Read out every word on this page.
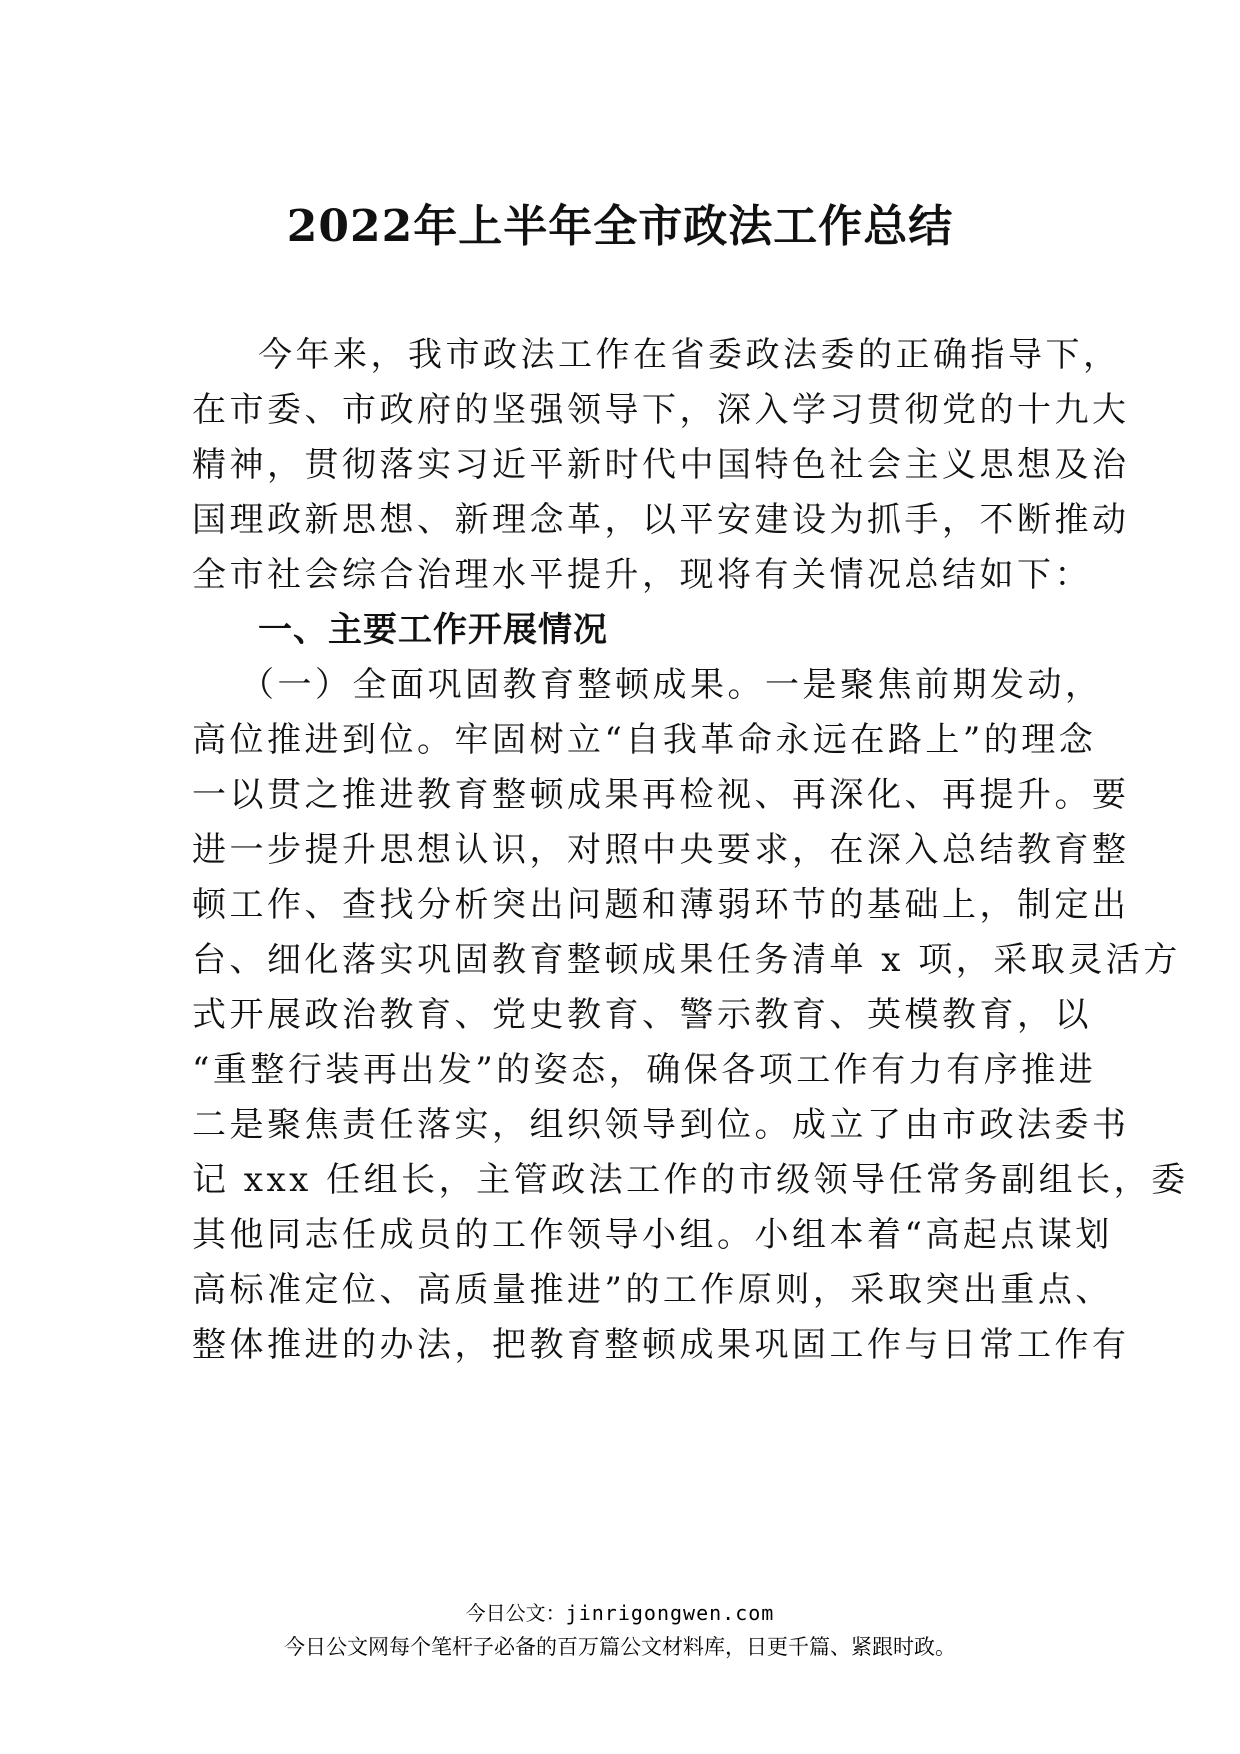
2022年上半年全市政法工作总结
今年来，我市政法工作在省委政法委的正确指导下，
在市委、市政府的坚强领导下，深入学习贯彻党的十九大
精神，贯彻落实习近平新时代中国特色社会主义思想及治
国理政新思想、新理念革，以平安建设为抓手，不断推动
全市社会综合治理水平提升，现将有关情况总结如下：
一、主要工作开展情况
（一）全面巩固教育整顿成果。一是聚焦前期发动，
高位推进到位。牢固树立“自我革命永远在路上”的理念
一以贯之推进教育整顿成果再检视、再深化、再提升。要
进一步提升思想认识，对照中央要求，在深入总结教育整
顿工作、查找分析突出问题和薄弱环节的基础上，制定出
台、细化落实巩固教育整顿成果任务清单 x 项，采取灵活方
式开展政治教育、党史教育、警示教育、英模教育，以
“重整行装再出发”的姿态，确保各项工作有力有序推进
二是聚焦责任落实，组织领导到位。成立了由市政法委书
记 xxx 任组长，主管政法工作的市级领导任常务副组长，委
其他同志任成员的工作领导小组。小组本着“高起点谋划
高标准定位、高质量推进”的工作原则，采取突出重点、
整体推进的办法，把教育整顿成果巩固工作与日常工作有
今日公文：jinrigongwen.com
今日公文网每个笔杆子必备的百万篇公文材料库，日更千篇、紧跟时政。
